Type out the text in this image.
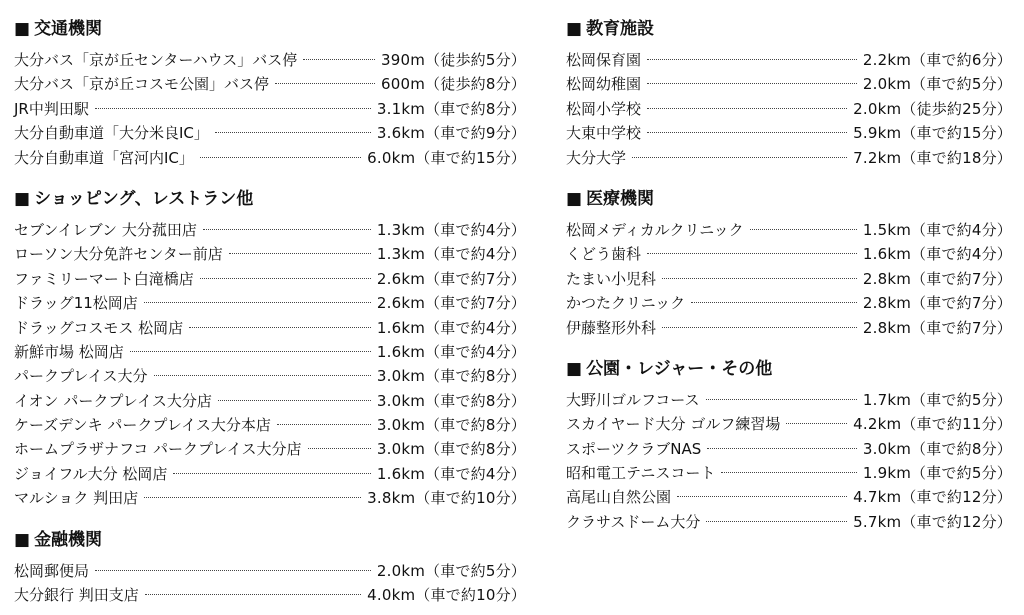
■ 交通機関
大分バス「京が丘センターハウス」バス停	390m（徒歩約5分）
大分バス「京が丘コスモ公園」バス停	600m（徒歩約8分）
JR中判田駅	3.1km（車で約8分）
大分自動車道「大分米良IC」	3.6km（車で約9分）
大分自動車道「宮河内IC」	6.0km（車で約15分）
■ ショッピング、レストラン他
セブンイレブン 大分菰田店	1.3km（車で約4分）
ローソン大分免許センター前店	1.3km（車で約4分）
ファミリーマート白滝橋店	2.6km（車で約7分）
ドラッグ11松岡店	2.6km（車で約7分）
ドラッグコスモス 松岡店	1.6km（車で約4分）
新鮮市場 松岡店	1.6km（車で約4分）
パークプレイス大分	3.0km（車で約8分）
イオン パークプレイス大分店	3.0km（車で約8分）
ケーズデンキ パークプレイス大分本店	3.0km（車で約8分）
ホームプラザナフコ パークプレイス大分店	3.0km（車で約8分）
ジョイフル大分 松岡店	1.6km（車で約4分）
マルショク 判田店	3.8km（車で約10分）
■ 金融機関
松岡郵便局	2.0km（車で約5分）
大分銀行 判田支店	4.0km（車で約10分）
■ 教育施設
松岡保育園	2.2km（車で約6分）
松岡幼稚園	2.0km（車で約5分）
松岡小学校	2.0km（徒歩約25分）
大東中学校	5.9km（車で約15分）
大分大学	7.2km（車で約18分）
■ 医療機関
松岡メディカルクリニック	1.5km（車で約4分）
くどう歯科	1.6km（車で約4分）
たまい小児科	2.8km（車で約7分）
かつたクリニック	2.8km（車で約7分）
伊藤整形外科	2.8km（車で約7分）
■ 公園・レジャー・その他
大野川ゴルフコース	1.7km（車で約5分）
スカイヤード大分 ゴルフ練習場	4.2km（車で約11分）
スポーツクラブNAS	3.0km（車で約8分）
昭和電工テニスコート	1.9km（車で約5分）
高尾山自然公園	4.7km（車で約12分）
クラサスドーム大分	5.7km（車で約12分）
